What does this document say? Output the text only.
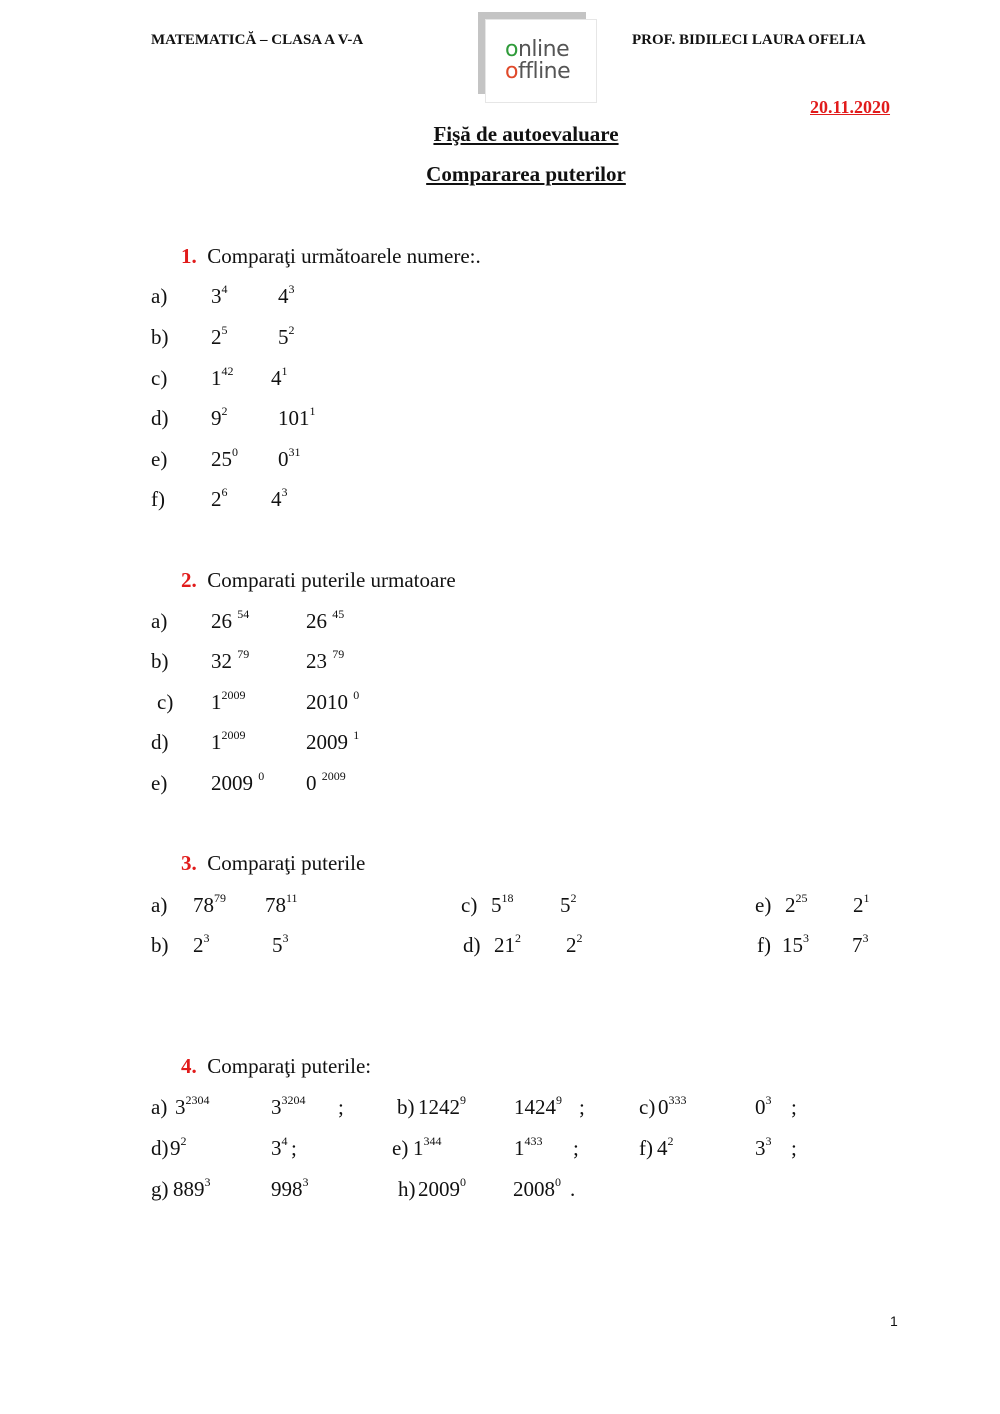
MATEMATICĂ – CLASA A V-A	PROF. BIDILECI LAURA OFELIA
online
offline
20.11.2020
Fişă de autoevaluare
Compararea puterilor
1. Comparaţi următoarele numere:.
a) $3^4$ $4^3$
b) $2^5$ $5^2$
c) $1^{42}$ $4^1$
d) $9^2$ $101^1$
e) $25^0$ $0^{31}$
f) $2^6$ $4^3$
2. Comparati puterile urmatoare
a) 26 $^{54}$	26 $^{45}$
b) 32 $^{79}$	23 $^{79}$
c) $1^{2009}$	2010 $^0$
d) $1^{2009}$	2009 $^1$
e) 2009 $^0$ 0 $^{2009}$
3. Comparaţi puterile
a) $78^{79}$ $78^{11}$	c) $5^{18}$ $5^2$	e) $2^{25}$ $2^1$
b) $2^3$	$5^3$	d) $21^2$ $2^2$	f) $15^3$ $7^3$
4. Comparaţi puterile:
a) $3^{2304}$	$3^{3204}$ ;	b) 1242$^9$ 1424$^9$ ;	c) $0^{333}$	$0^3$ ;
d) $9^2$	$3^4$ ;	e) $1^{344}$	$1^{433}$ ;	f) $4^2$	$3^3$ ;
g) $889^3$	$998^3$	h) 2009$^0$ 2008$^0$ .
1
